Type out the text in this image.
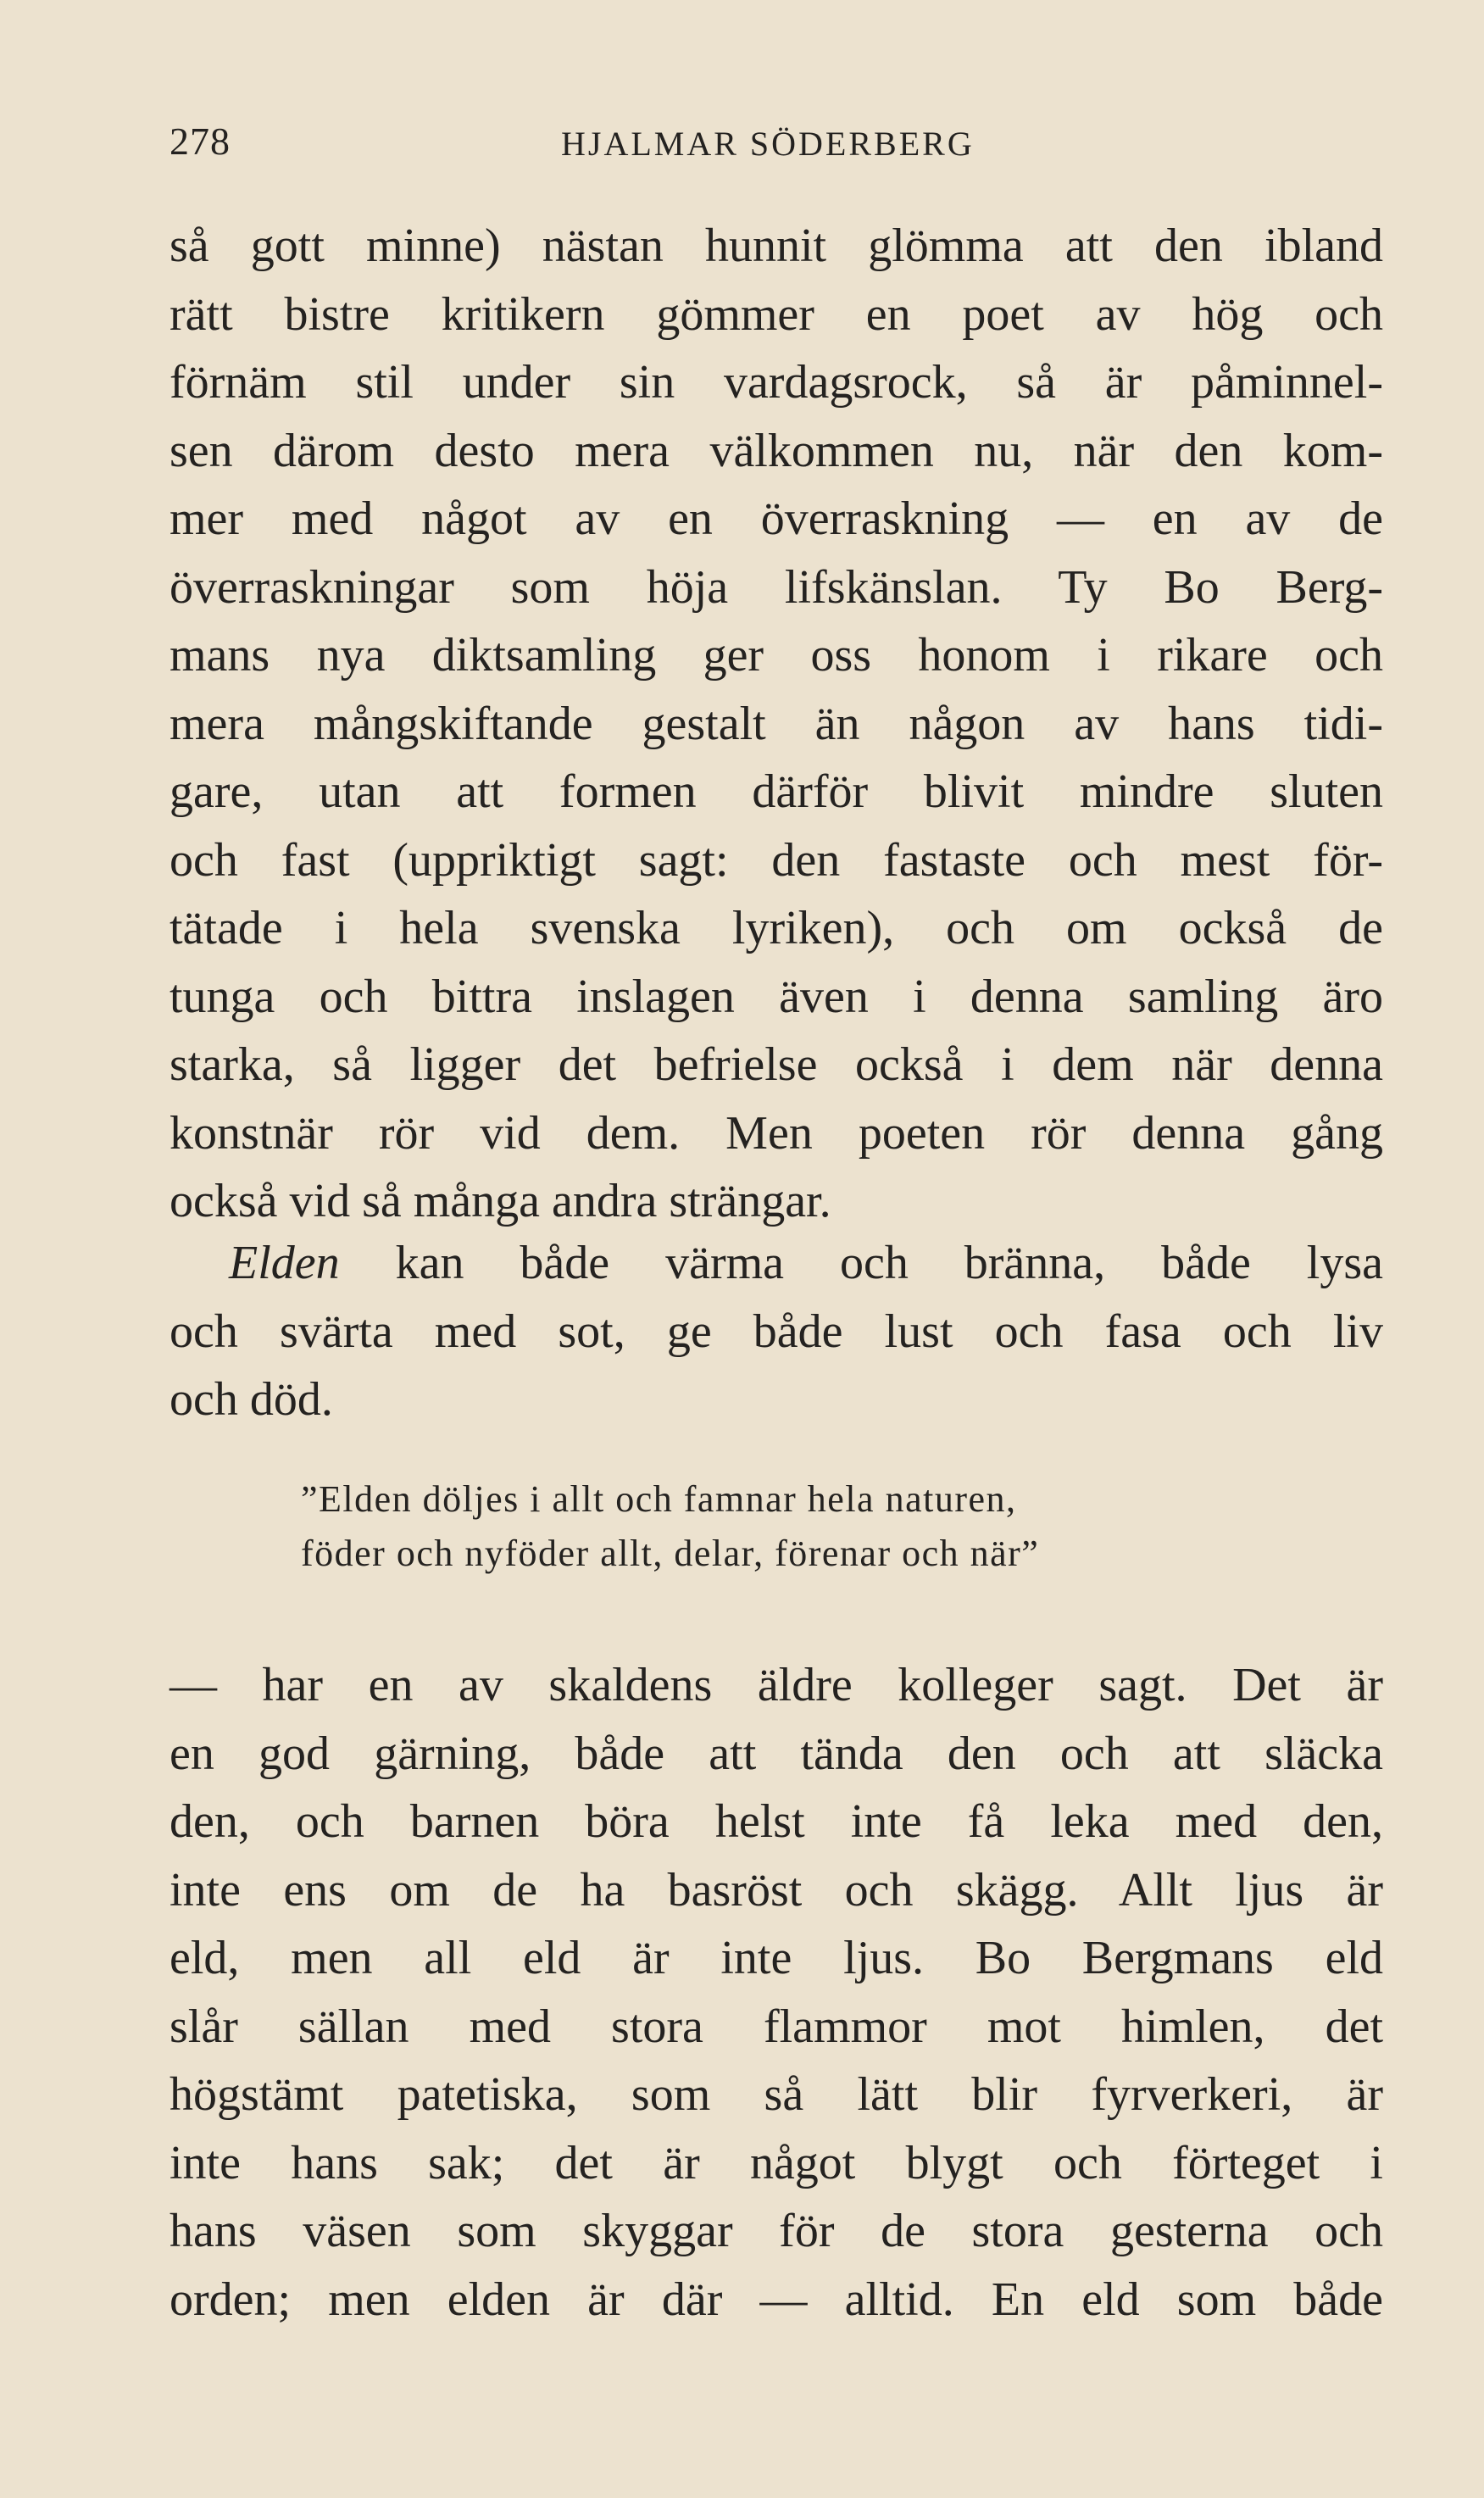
278	HJALMAR SÖDERBERG
så gott minne) nästan hunnit glömma att den ibland
rätt bistre kritikern gömmer en poet av hög och
förnäm stil under sin vardagsrock, så är påminnel-
sen därom desto mera välkommen nu, när den kom-
mer med något av en överraskning — en av de
överraskningar som höja lifskänslan. Ty Bo Berg-
mans nya diktsamling ger oss honom i rikare och
mera mångskiftande gestalt än någon av hans tidi-
gare, utan att formen därför blivit mindre sluten
och fast (uppriktigt sagt: den fastaste och mest för-
tätade i hela svenska lyriken), och om också de
tunga och bittra inslagen även i denna samling äro
starka, så ligger det befrielse också i dem när denna
konstnär rör vid dem. Men poeten rör denna gång
också vid så många andra strängar.
Elden kan både värma och bränna, både lysa
och svärta med sot, ge både lust och fasa och liv
och död.
”Elden döljes i allt och famnar hela naturen,
föder och nyföder allt, delar, förenar och när”
— har en av skaldens äldre kolleger sagt. Det är
en god gärning, både att tända den och att släcka
den, och barnen böra helst inte få leka med den,
inte ens om de ha basröst och skägg. Allt ljus är
eld, men all eld är inte ljus. Bo Bergmans eld
slår sällan med stora flammor mot himlen, det
högstämt patetiska, som så lätt blir fyrverkeri, är
inte hans sak; det är något blygt och förteget i
hans väsen som skyggar för de stora gesterna och
orden; men elden är där — alltid. En eld som både
